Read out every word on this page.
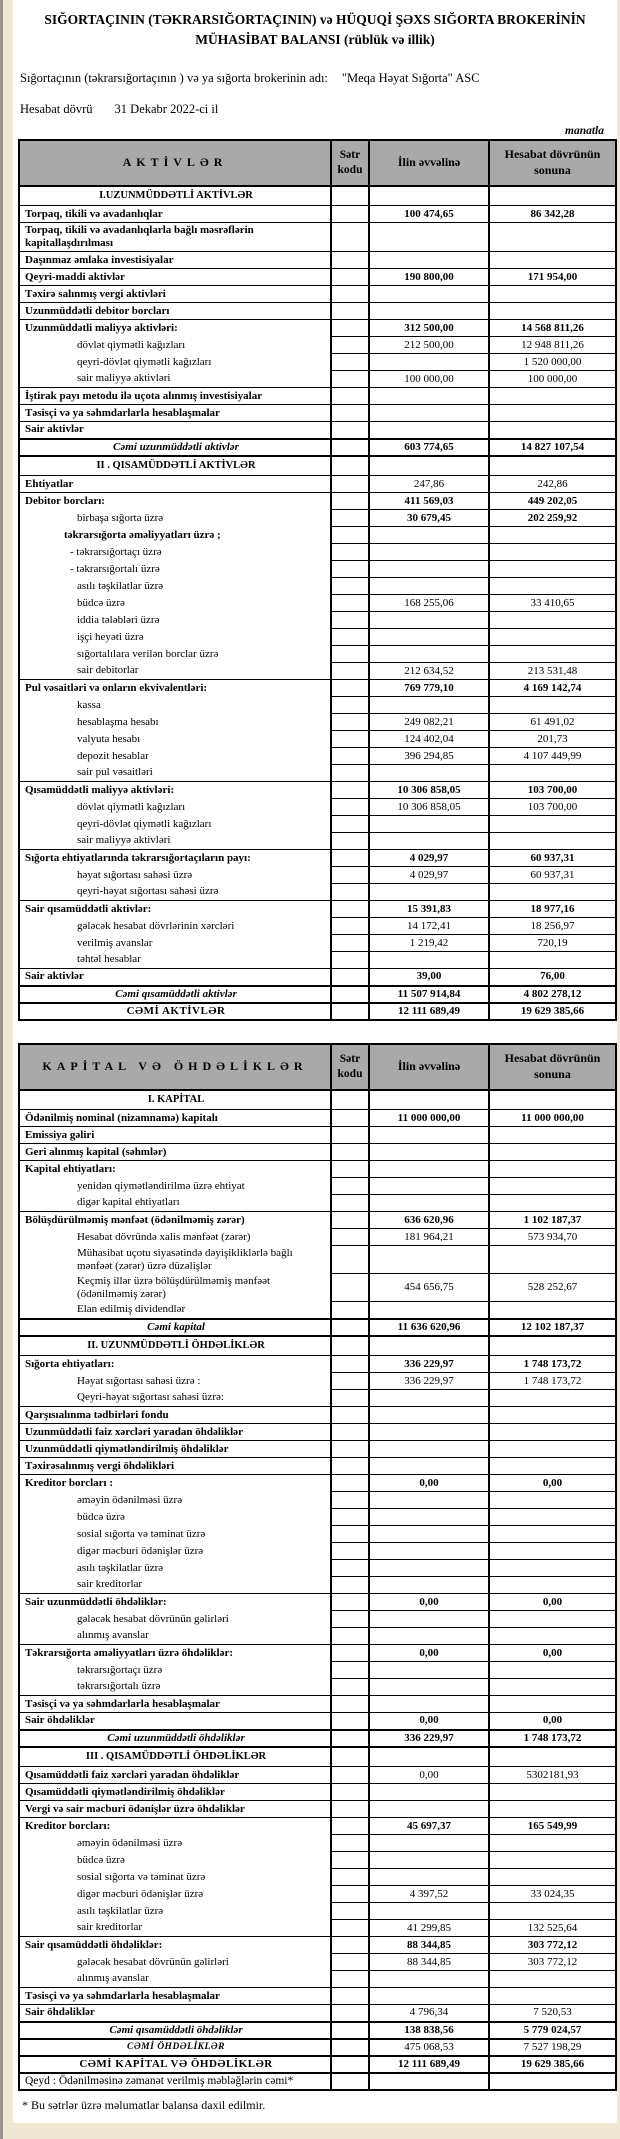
SIĞORTAÇININ (TƏKRARSIĞORTAÇININ) və HÜQUQİ ŞƏXS SIĞORTA BROKERİNİN
MÜHASİBAT BALANSI (rüblük və illik)
Sığortaçının (təkrarsığortaçının ) və ya sığorta brokerinin adı: "Meqa Həyat Sığorta" ASC
Hesabat dövrü 31 Dekabr 2022-ci il
manatla
AKTİVLƏR	Sətr kodu	İlin əvvəlinə	Hesabat dövrünün sonuna
I.UZUNMÜDDƏTLİ AKTİVLƏR			
Torpaq, tikili və avadanlıqlar		100 474,65	86 342,28
Torpaq, tikili və avadanlıqlarla bağlı məsrəflərin kapitallaşdırılması			
Daşınmaz əmlaka investisiyalar			
Qeyri-maddi aktivlər		190 800,00	171 954,00
Təxirə salınmış vergi aktivləri			
Uzunmüddətli debitor borcları			
Uzunmüddətli maliyyə aktivləri:		312 500,00	14 568 811,26
dövlət qiymətli kağızları		212 500,00	12 948 811,26
qeyri-dövlət qiymətli kağızları			1 520 000,00
sair maliyyə aktivləri		100 000,00	100 000,00
İştirak payı metodu ilə uçota alınmış investisiyalar			
Təsisçi və ya səhmdarlarla hesablaşmalar			
Sair aktivlər			
Cəmi uzunmüddətli aktivlər		603 774,65	14 827 107,54
II . QISAMÜDDƏTLİ AKTİVLƏR			
Ehtiyatlar		247,86	242,86
Debitor borcları:		411 569,03	449 202,05
birbaşa sığorta üzrə		30 679,45	202 259,92
təkrarsığorta əməliyyatları üzrə ;			
- təkrarsığortaçı üzrə			
- təkrarsığortalı üzrə			
asılı təşkilatlar üzrə			
büdcə üzrə		168 255,06	33 410,65
iddia tələbləri üzrə			
işçi heyəti üzrə			
sığortalılara verilən borclar üzrə			
sair debitorlar		212 634,52	213 531,48
Pul vəsaitləri və onların ekvivalentləri:		769 779,10	4 169 142,74
kassa			
hesablaşma hesabı		249 082,21	61 491,02
valyuta hesabı		124 402,04	201,73
depozit hesablar		396 294,85	4 107 449,99
sair pul vəsaitləri			
Qısamüddətli maliyyə aktivləri:		10 306 858,05	103 700,00
dövlət qiymətli kağızları		10 306 858,05	103 700,00
qeyri-dövlət qiymətli kağızları			
sair maliyyə aktivləri			
Sığorta ehtiyatlarında təkrarsığortaçıların payı:		4 029,97	60 937,31
həyat sığortası sahəsi üzrə		4 029,97	60 937,31
qeyri-həyat sığortası sahəsi üzrə			
Sair qısamüddətli aktivlər:		15 391,83	18 977,16
gələcək hesabat dövrlərinin xərcləri		14 172,41	18 256,97
verilmiş avanslar		1 219,42	720,19
təhtəl hesablar			
Sair aktivlər		39,00	76,00
Cəmi qısamüddətli aktivlər		11 507 914,84	4 802 278,12
CƏMİ AKTİVLƏR		12 111 689,49	19 629 385,66
KAPİTAL VƏ ÖHDƏLİKLƏR	Sətr kodu	İlin əvvəlinə	Hesabat dövrünün sonuna
I. KAPİTAL			
Ödənilmiş nominal (nizamnamə) kapitalı		11 000 000,00	11 000 000,00
Emissiya gəliri			
Geri alınmış kapital (səhmlər)			
Kapital ehtiyatları:			
yenidən qiymətləndirilmə üzrə ehtiyat			
digər kapital ehtiyatları			
Bölüşdürülməmiş mənfəət (ödənilməmiş zərər)		636 620,96	1 102 187,37
Hesabat dövründə xalis mənfəət (zərər)		181 964,21	573 934,70
Mühasibat uçotu siyasətində dəyişikliklərlə bağlı mənfəət (zərər) üzrə düzəlişlər			
Keçmiş illər üzrə bölüşdürülməmiş mənfəət (ödənilməmiş zərər)		454 656,75	528 252,67
Elan edilmiş dividendlər			
Cəmi kapital		11 636 620,96	12 102 187,37
II. UZUNMÜDDƏTLİ ÖHDƏLİKLƏR			
Sığorta ehtiyatları:		336 229,97	1 748 173,72
Həyat sığortası sahəsi üzrə :		336 229,97	1 748 173,72
Qeyri-həyat sığortası sahəsi üzrə:			
Qarşısıalınma tədbirləri fondu			
Uzunmüddətli faiz xərcləri yaradan öhdəliklər			
Uzunmüddətli qiymətləndirilmiş öhdəliklər			
Təxirəsalınmış vergi öhdəlikləri			
Kreditor borcları :		0,00	0,00
əməyin ödənilməsi üzrə			
büdcə üzrə			
sosial sığorta və təminat üzrə			
digər məcburi ödənişlər üzrə			
asılı təşkilatlar üzrə			
sair kreditorlar			
Sair uzunmüddətli öhdəliklər:		0,00	0,00
gələcək hesabat dövrünün gəlirləri			
alınmış avanslar			
Təkrarsığorta əməliyyatları üzrə öhdəliklər:		0,00	0,00
təkrarsığortaçı üzrə			
təkrarsığortalı üzrə			
Təsisçi və ya səhmdarlarla hesablaşmalar			
Sair öhdəliklər		0,00	0,00
Cəmi uzunmüddətli öhdəliklər		336 229,97	1 748 173,72
III . QISAMÜDDƏTLİ ÖHDƏLİKLƏR			
Qısamüddətli faiz xərcləri yaradan öhdəliklər		0,00	5302181,93
Qısamüddətli qiymətləndirilmiş öhdəliklər			
Vergi və sair məcburi ödənişlər üzrə öhdəliklər			
Kreditor borcları:		45 697,37	165 549,99
əməyin ödənilməsi üzrə			
büdcə üzrə			
sosial sığorta və təminat üzrə			
digər məcburi ödənişlər üzrə		4 397,52	33 024,35
asılı təşkilatlar üzrə			
sair kreditorlar		41 299,85	132 525,64
Sair qısamüddətli öhdəliklər:		88 344,85	303 772,12
gələcək hesabat dövrünün gəlirləri		88 344,85	303 772,12
alınmış avanslar			
Təsisçi və ya səhmdarlarla hesablaşmalar			
Sair öhdəliklər		4 796,34	7 520,53
Cəmi qısamüddətli öhdəliklər		138 838,56	5 779 024,57
CƏMİ ÖHDƏLİKLƏR		475 068,53	7 527 198,29
CƏMİ KAPİTAL VƏ ÖHDƏLİKLƏR		12 111 689,49	19 629 385,66
Qeyd : Ödənilməsinə zəmanət verilmiş məbləğlərin cəmi*			
* Bu sətrlər üzrə məlumatlar balansa daxil edilmir.
